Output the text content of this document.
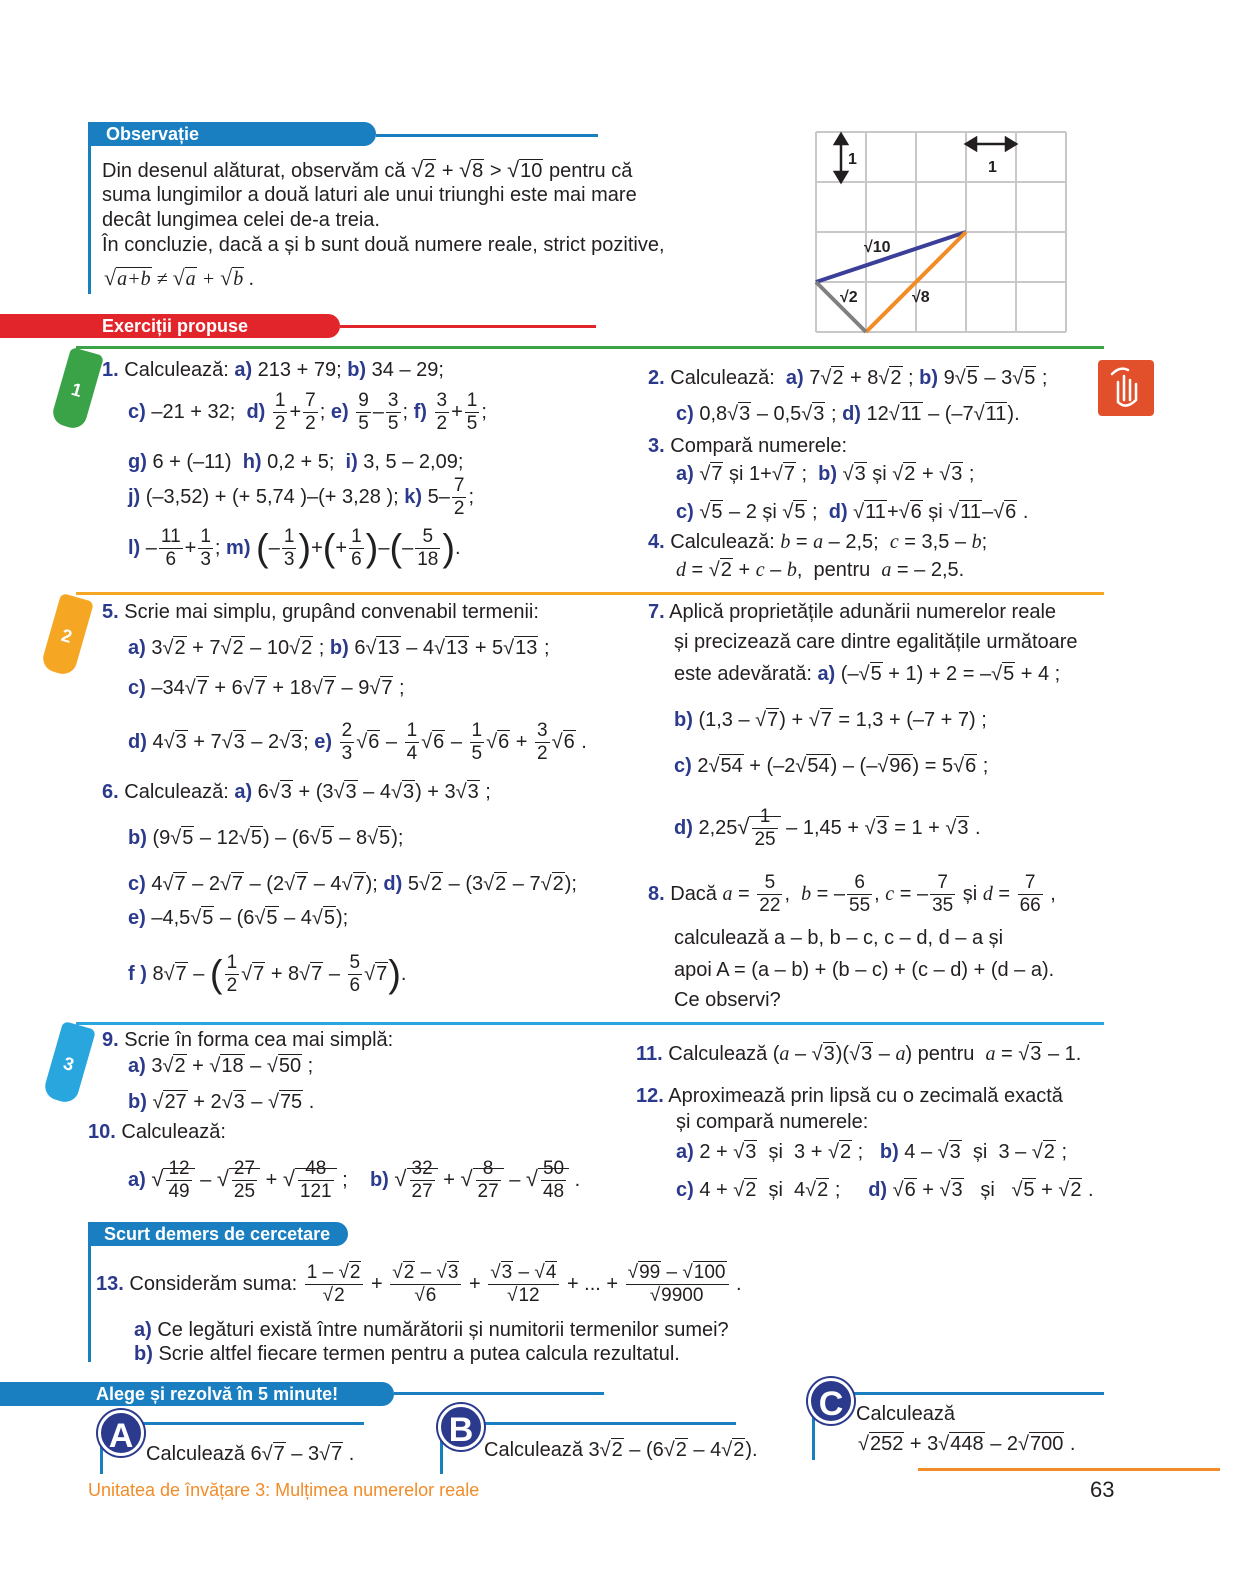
Observație
Din desenul alăturat, observăm că √2 + √8 > √10 pentru că
suma lungimilor a două laturi ale unui triunghi este mai mare
decât lungimea celei de-a treia.
În concluzie, dacă a și b sunt două numere reale, strict pozitive,
√a+b ≠ √a + √b .
1	1
√10
√2	√8
Exerciții propuse
1
2
3
1. Calculează: a) 213 + 79; b) 34 – 29;
c) –21 + 32;  $d) \frac{1}{2} + \frac{7}{2}$ ; $e) \frac{9}{5} - \frac{3}{5}$ ; $f) \frac{3}{2} + \frac{1}{5}$ ;
g) 6 + (–11)  h) 0,2 + 5;  i) 3, 5 – 2,09;
j) (–3,52) + (+ 5,74 )–(+ 3,28 ); k) $5- \frac{7}{2}$ ;
$l) - \frac{11}{6} + \frac{1}{3}$ ; m) (– $\frac{1}{3}$ )+(+ $\frac{1}{6}$ )–(– $\frac{5}{18}$ ).
2. Calculează: a) 7√2 + 8√2 ; b) 9√5 – 3√5 ;
c) 0,8√3 – 0,5√3 ; d) 12√11 – (–7√11).
3. Compară numerele:
a) √7 și 1+√7 ;  b) √3 și √2 + √3 ;
c) √5 – 2 și √5 ;  d) √11+√6 și √11–√6 .
4. Calculează: b = a – 2,5;  c = 3,5 – b;
d = √2 + c – b,  pentru  a = – 2,5.
5. Scrie mai simplu, grupând convenabil termenii:
a) 3√2 + 7√2 – 10√2 ; b) 6√13 – 4√13 + 5√13 ;
c) –34√7 + 6√7 + 18√7 – 9√7 ;
d) 4√3 + 7√3 – 2√3; $e) \frac{2}{3} √6 - \frac{1}{4} √6 - \frac{1}{5} √6 + \frac{3}{2} √6$ .
6. Calculează: a) 6√3 + (3√3 – 4√3) + 3√3 ;
b) (9√5 – 12√5) – (6√5 – 8√5);
c) 4√7 – 2√7 – (2√7 – 4√7); d) 5√2 – (3√2 – 7√2);
e) –4,5√5 – (6√5 – 4√5);
f ) 8√7 – ( $\frac{1}{2} √7 + 8√7 - \frac{5}{6} √7$).
7. Aplică proprietățile adunării numerelor reale
și precizează care dintre egalitățile următoare
este adevărată: a) (–√5 + 1) + 2 = –√5 + 4 ;
b) (1,3 – √7) + √7 = 1,3 + (–7 + 7) ;
c) 2√54 + (–2√54) – (–√96) = 5√6 ;
d) $2,25√ \frac{1}{25} - 1,45 + √3 = 1 + √3$ .
8. Dacă $a = \frac{5}{22}$ ,  b = – $\frac{6}{55}$ , c = – $\frac{7}{35}$ și $d = \frac{7}{66}$ ,
calculează a – b, b – c, c – d, d – a și
apoi A = (a – b) + (b – c) + (c – d) + (d – a).
Ce observi?
9. Scrie în forma cea mai simplă:
a) 3√2 + √18 – √50 ;
b) √27 + 2√3 – √75 .
10. Calculează:
a) √ $\frac{12}{49}$ – √ $\frac{27}{25}$ + √ $\frac{48}{121}$ ;    b) √ $\frac{32}{27}$ + √ $\frac{8}{27}$ – √ $\frac{50}{48}$ .
11. Calculează (a – √3)(√3 – a) pentru  a = √3 – 1.
12. Aproximează prin lipsă cu o zecimală exactă
și compară numerele:
a) 2 + √3  și  3 + √2 ;   b) 4 – √3  și  3 – √2 ;
c) 4 + √2  și  4√2 ;     d) √6 + √3   și   √5 + √2 .
Scurt demers de cercetare
13. Considerăm suma: $\frac{1 - √2}{√2} + \frac{√2 - √3}{√6} + \frac{√3 - √4}{√12}$ + ... + $\frac{√99 - √100}{√9900}$ .
a) Ce legături există între numărătorii și numitorii termenilor sumei?
b) Scrie altfel fiecare termen pentru a putea calcula rezultatul.
Alege și rezolvă în 5 minute!
A Calculează 6√7 – 3√7 .
B
Calculează 3√2 – (6√2 – 4√2).
C Calculează
√252 + 3√448 – 2√700 .
Unitatea de învățare 3: Mulțimea numerelor reale	63
